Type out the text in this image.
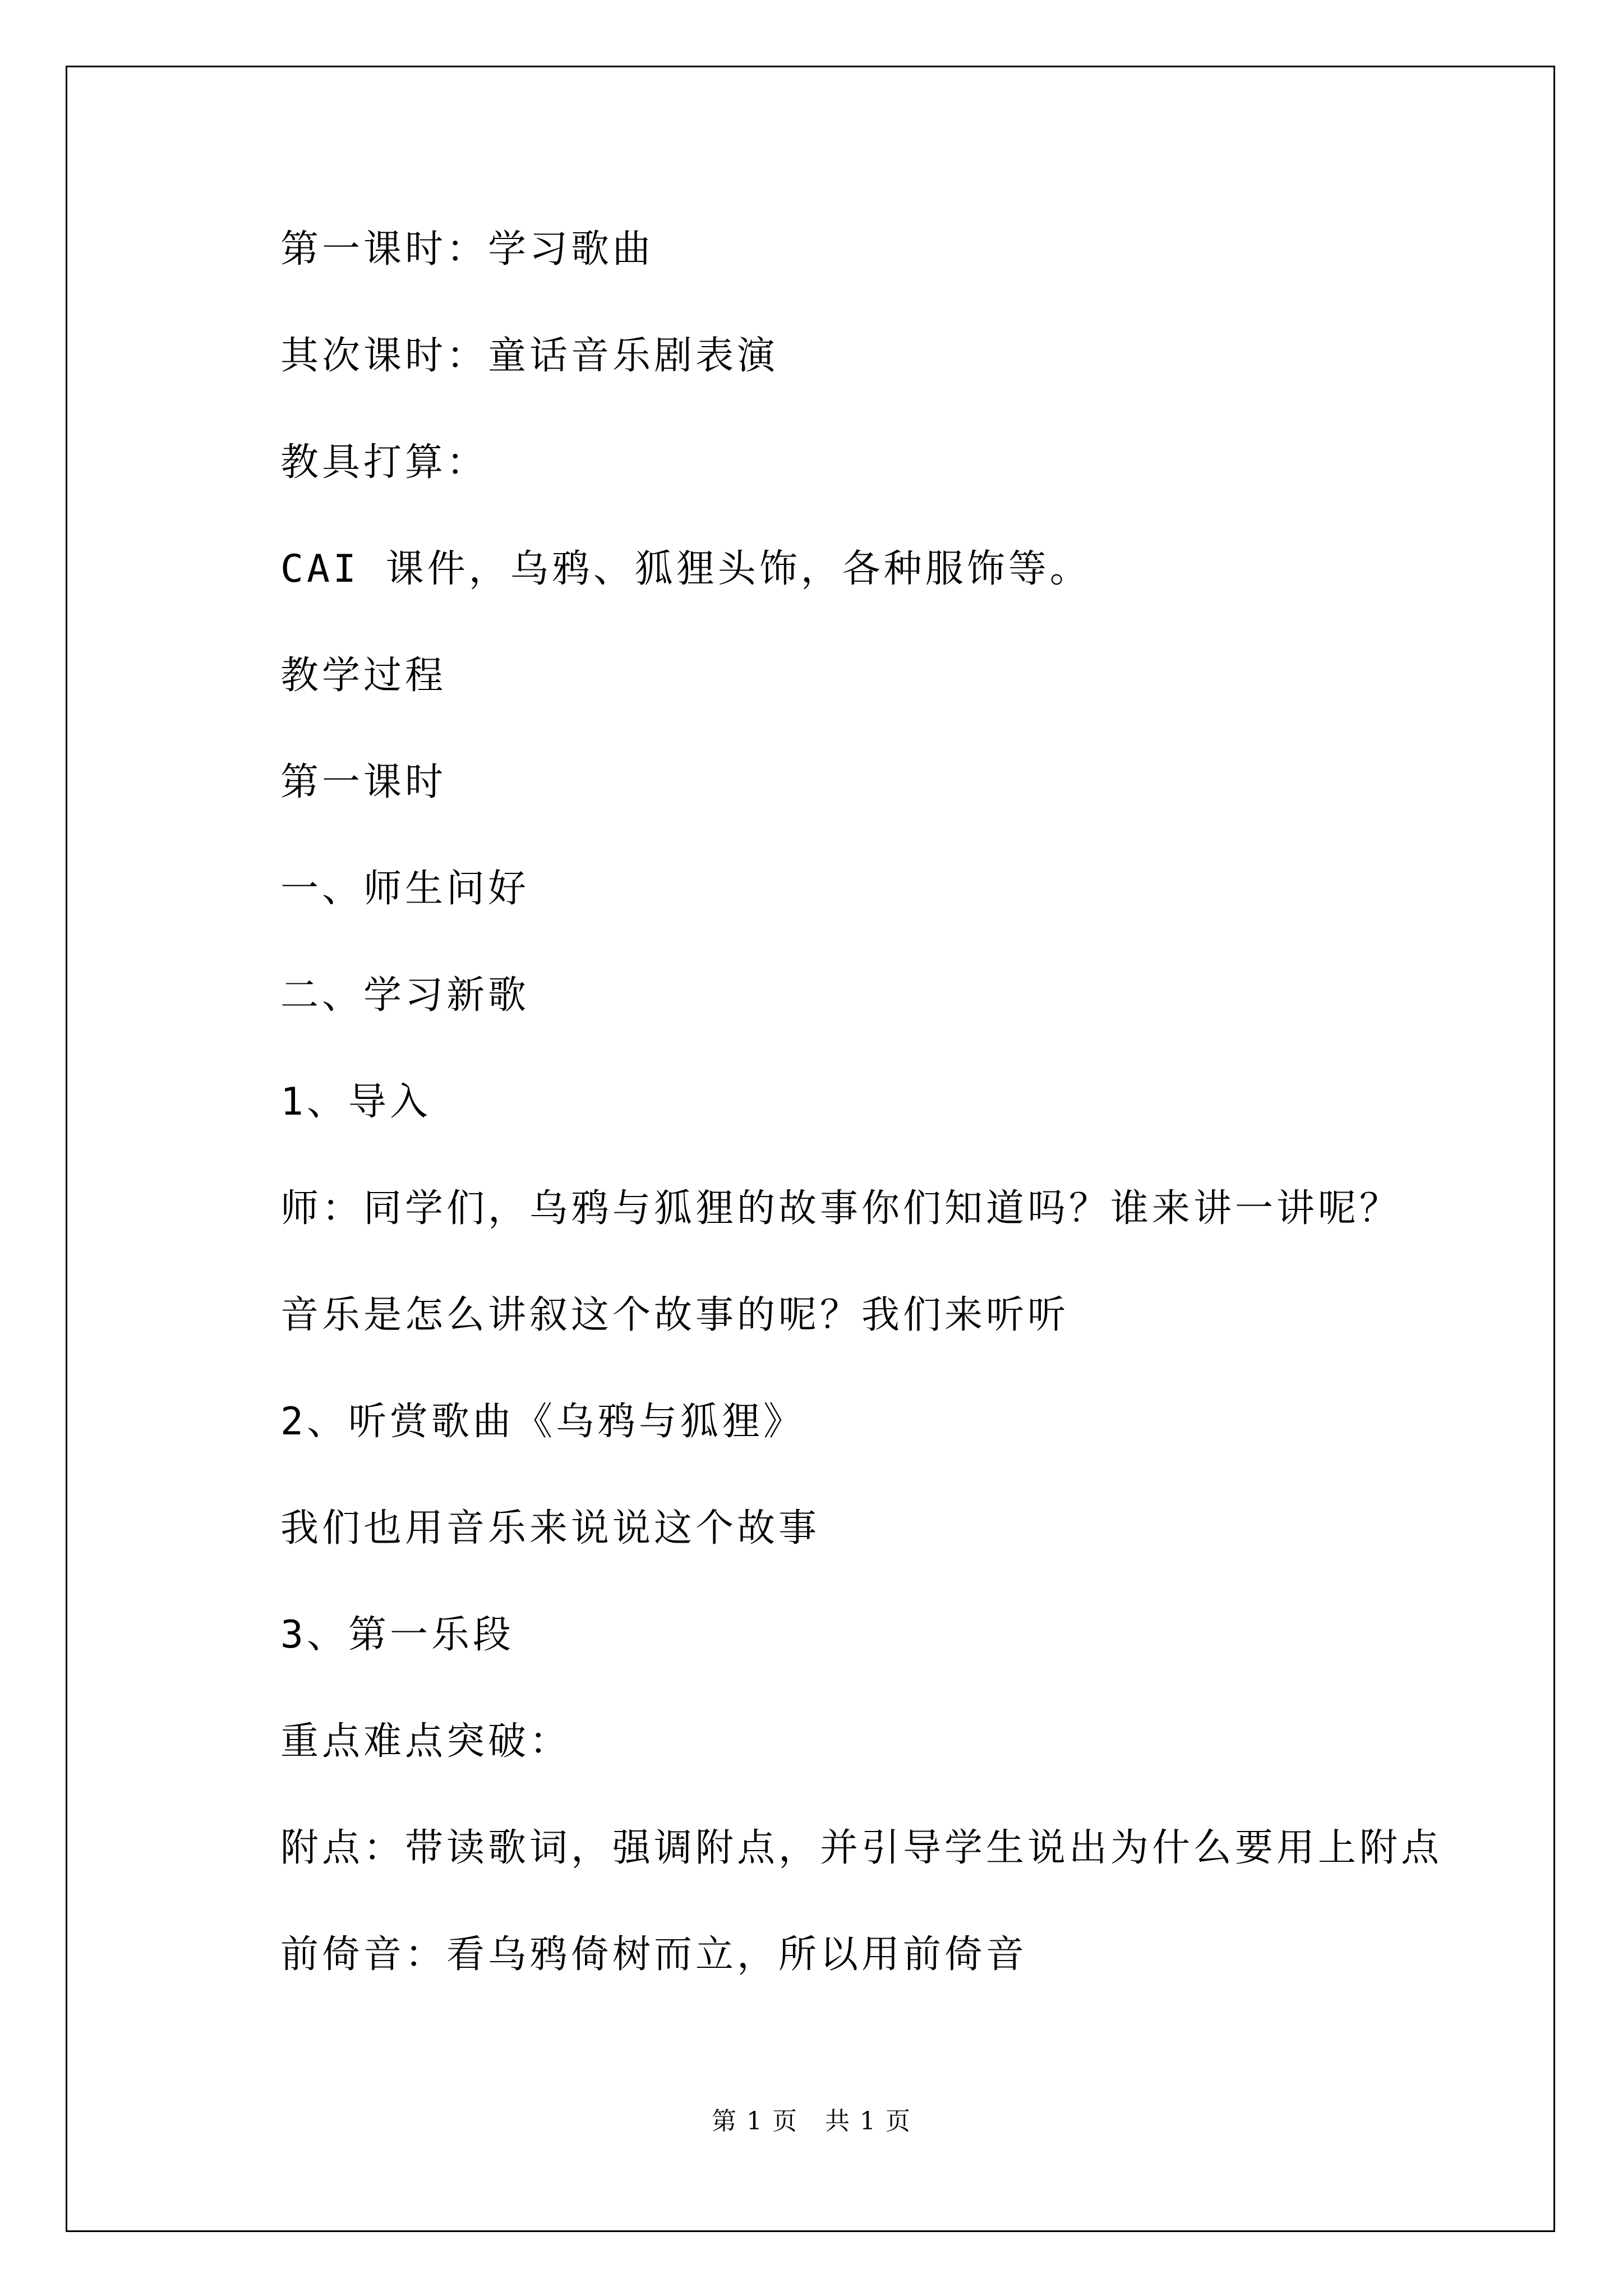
第一课时：学习歌曲
其次课时：童话音乐剧表演
教具打算：
CAI 课件，乌鸦、狐狸头饰，各种服饰等。
教学过程
第一课时
一、师生问好
二、学习新歌
1、导入
师：同学们，乌鸦与狐狸的故事你们知道吗？谁来讲一讲呢？
音乐是怎么讲叙这个故事的呢？我们来听听
2、听赏歌曲《乌鸦与狐狸》
我们也用音乐来说说这个故事
3、第一乐段
重点难点突破：
附点：带读歌词，强调附点，并引导学生说出为什么要用上附点
前倚音：看乌鸦倚树而立，所以用前倚音
第 1 页   共 1 页
